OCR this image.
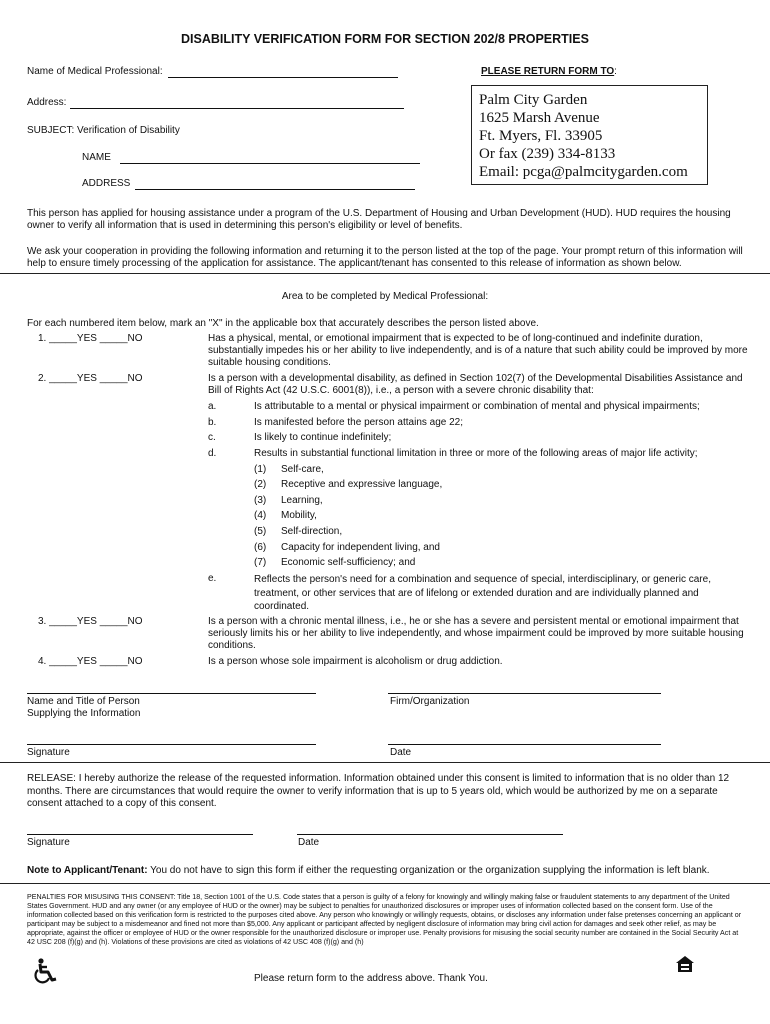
DISABILITY VERIFICATION FORM FOR SECTION 202/8 PROPERTIES
Name of Medical Professional:	PLEASE RETURN FORM TO:
Address:
SUBJECT: Verification of Disability
NAME
ADDRESS
Palm City Garden
1625 Marsh Avenue
Ft. Myers, Fl. 33905
Or fax (239) 334-8133
Email: pcga@palmcitygarden.com
This person has applied for housing assistance under a program of the U.S. Department of Housing and Urban Development (HUD). HUD requires the housing owner to verify all information that is used in determining this person's eligibility or level of benefits.
We ask your cooperation in providing the following information and returning it to the person listed at the top of the page. Your prompt return of this information will help to ensure timely processing of the application for assistance. The applicant/tenant has consented to this release of information as shown below.
Area to be completed by Medical Professional:
For each numbered item below, mark an "X" in the applicable box that accurately describes the person listed above.
1. _____YES _____NO	Has a physical, mental, or emotional impairment that is expected to be of long-continued and indefinite duration, substantially impedes his or her ability to live independently, and is of a nature that such ability could be improved by more suitable housing conditions.
2. _____YES _____NO	Is a person with a developmental disability, as defined in Section 102(7) of the Developmental Disabilities Assistance and Bill of Rights Act (42 U.S.C. 6001(8)), i.e., a person with a severe chronic disability that:
a.	Is attributable to a mental or physical impairment or combination of mental and physical impairments;
b.	Is manifested before the person attains age 22;
c.	Is likely to continue indefinitely;
d.	Results in substantial functional limitation in three or more of the following areas of major life activity;
(1) Self-care,
(2) Receptive and expressive language,
(3) Learning,
(4) Mobility,
(5) Self-direction,
(6) Capacity for independent living, and
(7) Economic self-sufficiency; and
e.	Reflects the person's need for a combination and sequence of special, interdisciplinary, or generic care, treatment, or other services that are of lifelong or extended duration and are individually planned and coordinated.
3. _____YES _____NO	Is a person with a chronic mental illness, i.e., he or she has a severe and persistent mental or emotional impairment that seriously limits his or her ability to live independently, and whose impairment could be improved by more suitable housing conditions.
4. _____YES _____NO	Is a person whose sole impairment is alcoholism or drug addiction.
Name and Title of Person
Supplying the Information
Firm/Organization
Signature	Date
RELEASE: I hereby authorize the release of the requested information. Information obtained under this consent is limited to information that is no older than 12 months. There are circumstances that would require the owner to verify information that is up to 5 years old, which would be authorized by me on a separate consent attached to a copy of this consent.
Signature	Date
Note to Applicant/Tenant: You do not have to sign this form if either the requesting organization or the organization supplying the information is left blank.
PENALTIES FOR MISUSING THIS CONSENT: Title 18, Section 1001 of the U.S. Code states that a person is guilty of a felony for knowingly and willingly making false or fraudulent statements to any department of the United States Government. HUD and any owner (or any employee of HUD or the owner) may be subject to penalties for unauthorized disclosures or improper uses of information collected based on the consent form. Use of the information collected based on this verification form is restricted to the purposes cited above. Any person who knowingly or willingly requests, obtains, or discloses any information under false pretenses concerning an applicant or participant may be subject to a misdemeanor and fined not more than $5,000. Any applicant or participant affected by negligent disclosure of information may bring civil action for damages and seek other relief, as may be appropriate, against the officer or employee of HUD or the owner responsible for the unauthorized disclosure or improper use. Penalty provisions for misusing the social security number are contained in the Social Security Act at 42 USC 208 (f)(g) and (h). Violations of these provisions are cited as violations of 42 USC 408 (f)(g) and (h)
Please return form to the address above. Thank You.
